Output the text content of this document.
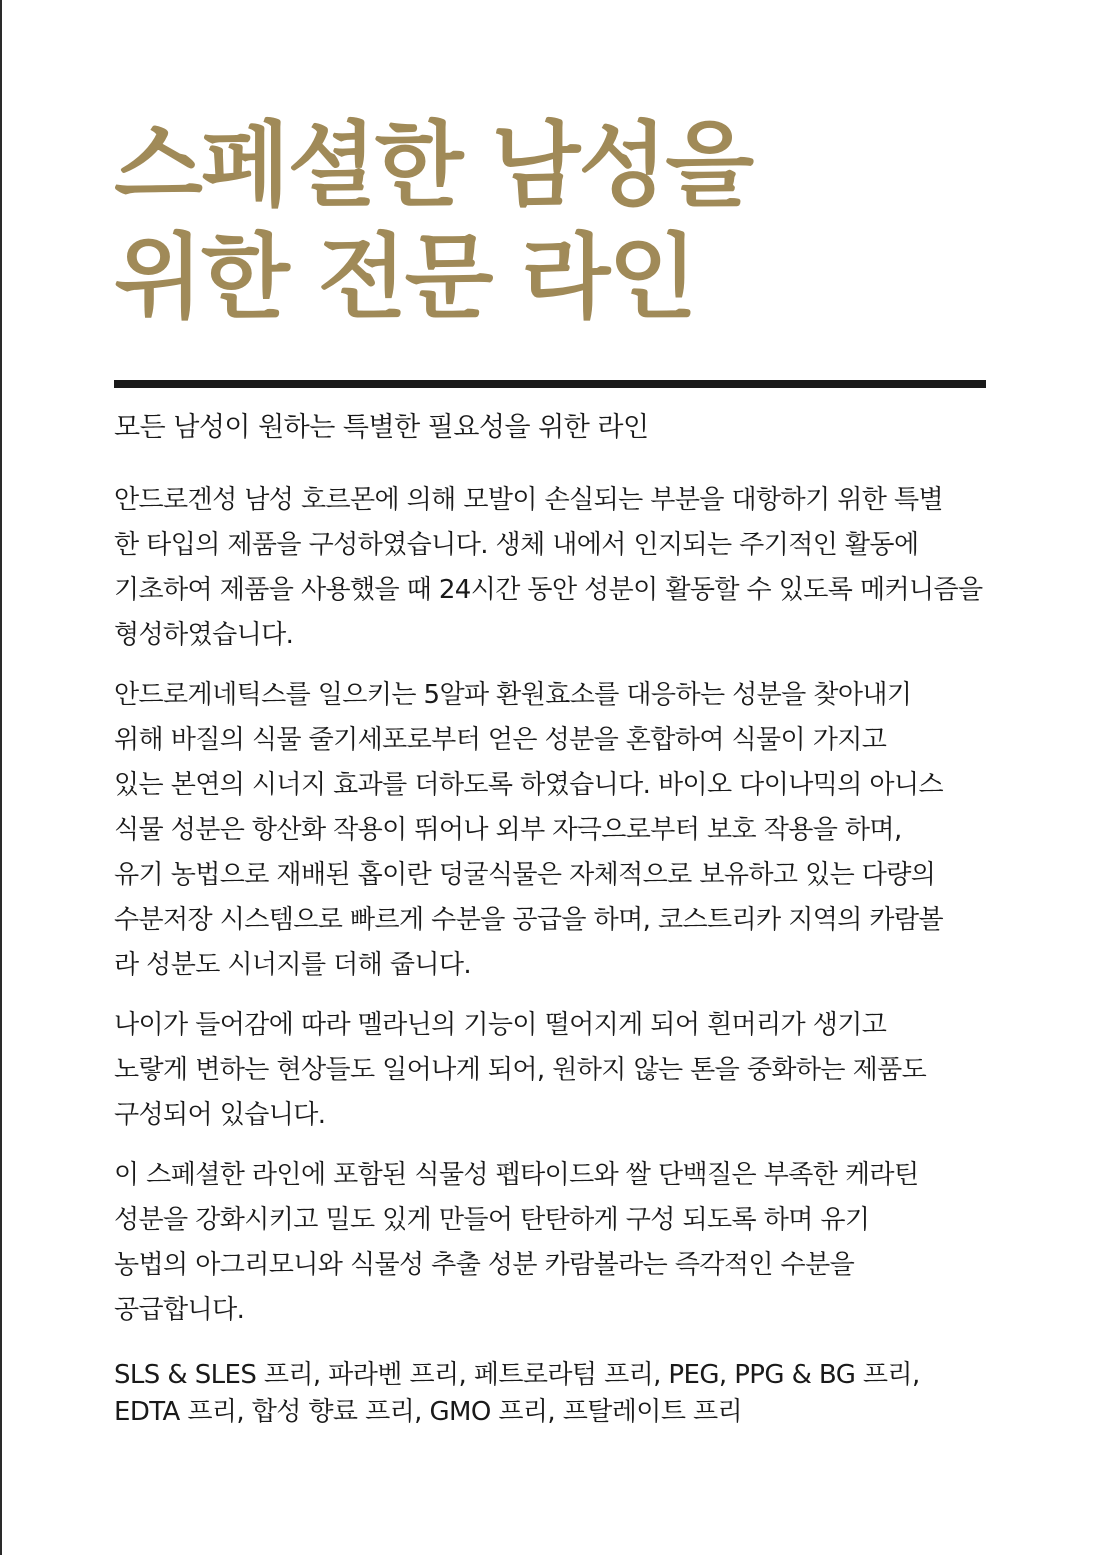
스페셜한 남성을
위한 전문 라인

모든 남성이 원하는 특별한 필요성을 위한 라인

안드로겐성 남성 호르몬에 의해 모발이 손실되는 부분을 대항하기 위한 특별
한 타입의 제품을 구성하였습니다. 생체 내에서 인지되는 주기적인 활동에
기초하여 제품을 사용했을 때 24시간 동안 성분이 활동할 수 있도록 메커니즘을
형성하였습니다.
안드로게네틱스를 일으키는 5알파 환원효소를 대응하는 성분을 찾아내기
위해 바질의 식물 줄기세포로부터 얻은 성분을 혼합하여 식물이 가지고
있는 본연의 시너지 효과를 더하도록 하였습니다. 바이오 다이나믹의 아니스
식물 성분은 항산화 작용이 뛰어나 외부 자극으로부터 보호 작용을 하며,
유기 농법으로 재배된 홉이란 덩굴식물은 자체적으로 보유하고 있는 다량의
수분저장 시스템으로 빠르게 수분을 공급을 하며, 코스트리카 지역의 카람볼
라 성분도 시너지를 더해 줍니다.
나이가 들어감에 따라 멜라닌의 기능이 떨어지게 되어 흰머리가 생기고
노랗게 변하는 현상들도 일어나게 되어, 원하지 않는 톤을 중화하는 제품도
구성되어 있습니다.
이 스페셜한 라인에 포함된 식물성 펩타이드와 쌀 단백질은 부족한 케라틴
성분을 강화시키고 밀도 있게 만들어 탄탄하게 구성 되도록 하며 유기
농법의 아그리모니와 식물성 추출 성분 카람볼라는 즉각적인 수분을
공급합니다.
SLS & SLES 프리, 파라벤 프리, 페트로라텀 프리, PEG, PPG & BG 프리,
EDTA 프리, 합성 향료 프리, GMO 프리, 프탈레이트 프리
